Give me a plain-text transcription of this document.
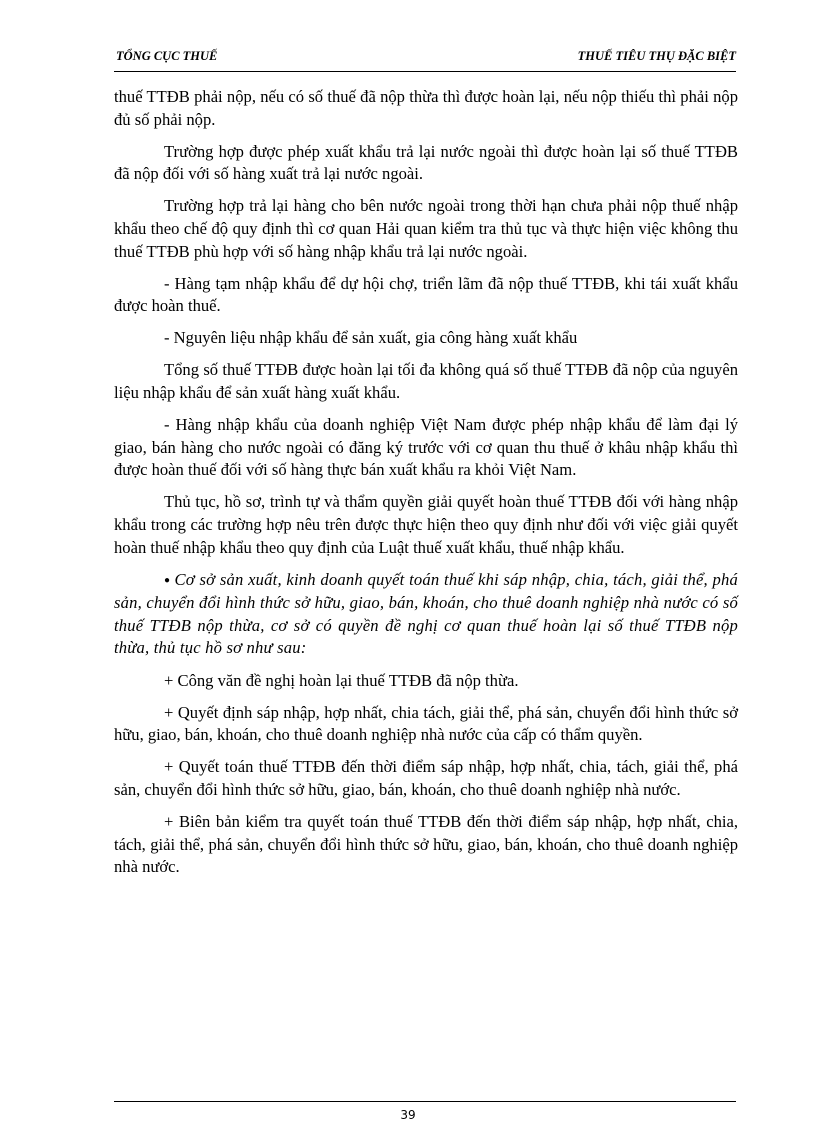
TỔNG CỤC THUẾ	THUẾ TIÊU THỤ ĐẶC BIỆT

thuế TTĐB phải nộp, nếu có số thuế đã nộp thừa thì được hoàn lại, nếu nộp thiếu thì phải nộp đủ số phải nộp.

Trường hợp được phép xuất khẩu trả lại nước ngoài thì được hoàn lại số thuế TTĐB đã nộp đối với số hàng xuất trả lại nước ngoài.

Trường hợp trả lại hàng cho bên nước ngoài trong thời hạn chưa phải nộp thuế nhập khẩu theo chế độ quy định thì cơ quan Hải quan kiểm tra thủ tục và thực hiện việc không thu thuế TTĐB phù hợp với số hàng nhập khẩu trả lại nước ngoài.

- Hàng tạm nhập khẩu để dự hội chợ, triển lãm đã nộp thuế TTĐB, khi tái xuất khẩu được hoàn thuế.

- Nguyên liệu nhập khẩu để sản xuất, gia công hàng xuất khẩu

Tổng số thuế TTĐB được hoàn lại tối đa không quá số thuế TTĐB đã nộp của nguyên liệu nhập khẩu để sản xuất hàng xuất khẩu.

- Hàng nhập khẩu của doanh nghiệp Việt Nam được phép nhập khẩu để làm đại lý giao, bán hàng cho nước ngoài có đăng ký trước với cơ quan thu thuế ở khâu nhập khẩu thì được hoàn thuế đối với số hàng thực bán xuất khẩu ra khỏi Việt Nam.

Thủ tục, hồ sơ, trình tự và thẩm quyền giải quyết hoàn thuế TTĐB đối với hàng nhập khẩu trong các trường hợp nêu trên được thực hiện theo quy định như đối với việc giải quyết hoàn thuế nhập khẩu theo quy định của Luật thuế xuất khẩu, thuế nhập khẩu.

● Cơ sở sản xuất, kinh doanh quyết toán thuế khi sáp nhập, chia, tách, giải thể, phá sản, chuyển đổi hình thức sở hữu, giao, bán, khoán, cho thuê doanh nghiệp nhà nước có số thuế TTĐB nộp thừa, cơ sở có quyền đề nghị cơ quan thuế hoàn lại số thuế TTĐB nộp thừa, thủ tục hồ sơ như sau:

+ Công văn đề nghị hoàn lại thuế TTĐB đã nộp thừa.

+ Quyết định sáp nhập, hợp nhất, chia tách, giải thể, phá sản, chuyển đổi hình thức sở hữu, giao, bán, khoán, cho thuê doanh nghiệp nhà nước của cấp có thẩm quyền.

+ Quyết toán thuế TTĐB đến thời điểm sáp nhập, hợp nhất, chia, tách, giải thể, phá sản, chuyển đổi hình thức sở hữu, giao, bán, khoán, cho thuê doanh nghiệp nhà nước.

+ Biên bản kiểm tra quyết toán thuế TTĐB đến thời điểm sáp nhập, hợp nhất, chia, tách, giải thể, phá sản, chuyển đổi hình thức sở hữu, giao, bán, khoán, cho thuê doanh nghiệp nhà nước.

39
